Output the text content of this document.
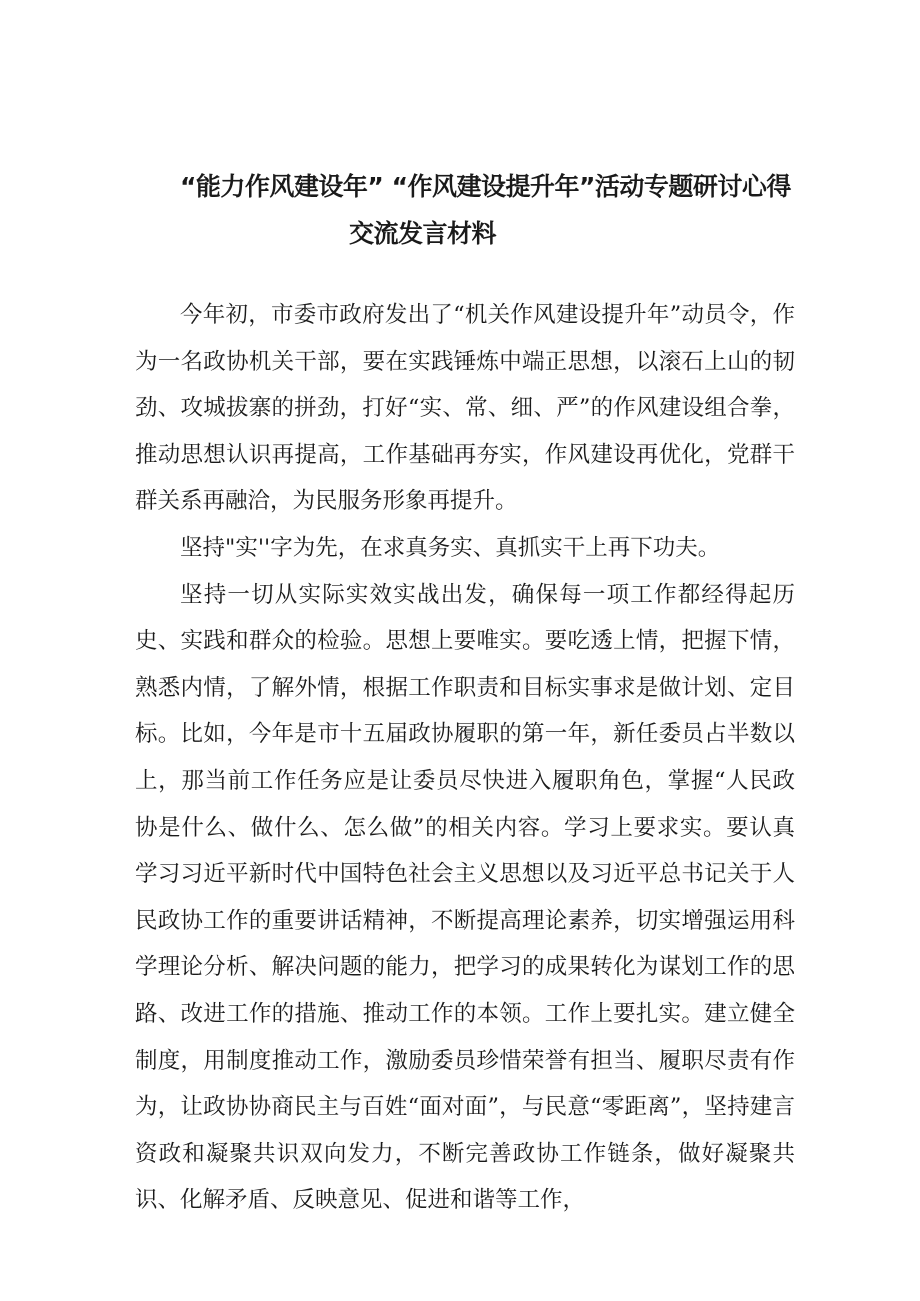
“能力作风建设年” “作风建设提升年”活动专题研讨心得
交流发言材料

今年初，市委市政府发出了“机关作风建设提升年”动员令，作为一名政协机关干部，要在实践锤炼中端正思想，以滚石上山的韧劲、攻城拔寨的拼劲，打好“实、常、细、严”的作风建设组合拳，推动思想认识再提高，工作基础再夯实，作风建设再优化，党群干群关系再融洽，为民服务形象再提升。

坚持"实''字为先，在求真务实、真抓实干上再下功夫。

坚持一切从实际实效实战出发，确保每一项工作都经得起历史、实践和群众的检验。思想上要唯实。要吃透上情，把握下情，熟悉内情，了解外情，根据工作职责和目标实事求是做计划、定目标。比如，今年是市十五届政协履职的第一年，新任委员占半数以上，那当前工作任务应是让委员尽快进入履职角色，掌握“人民政协是什么、做什么、怎么做”的相关内容。学习上要求实。要认真学习习近平新时代中国特色社会主义思想以及习近平总书记关于人民政协工作的重要讲话精神，不断提高理论素养，切实增强运用科学理论分析、解决问题的能力，把学习的成果转化为谋划工作的思路、改进工作的措施、推动工作的本领。工作上要扎实。建立健全制度，用制度推动工作，激励委员珍惜荣誉有担当、履职尽责有作为，让政协协商民主与百姓“面对面”，与民意“零距离”，坚持建言资政和凝聚共识双向发力，不断完善政协工作链条，做好凝聚共识、化解矛盾、反映意见、促进和谐等工作，
